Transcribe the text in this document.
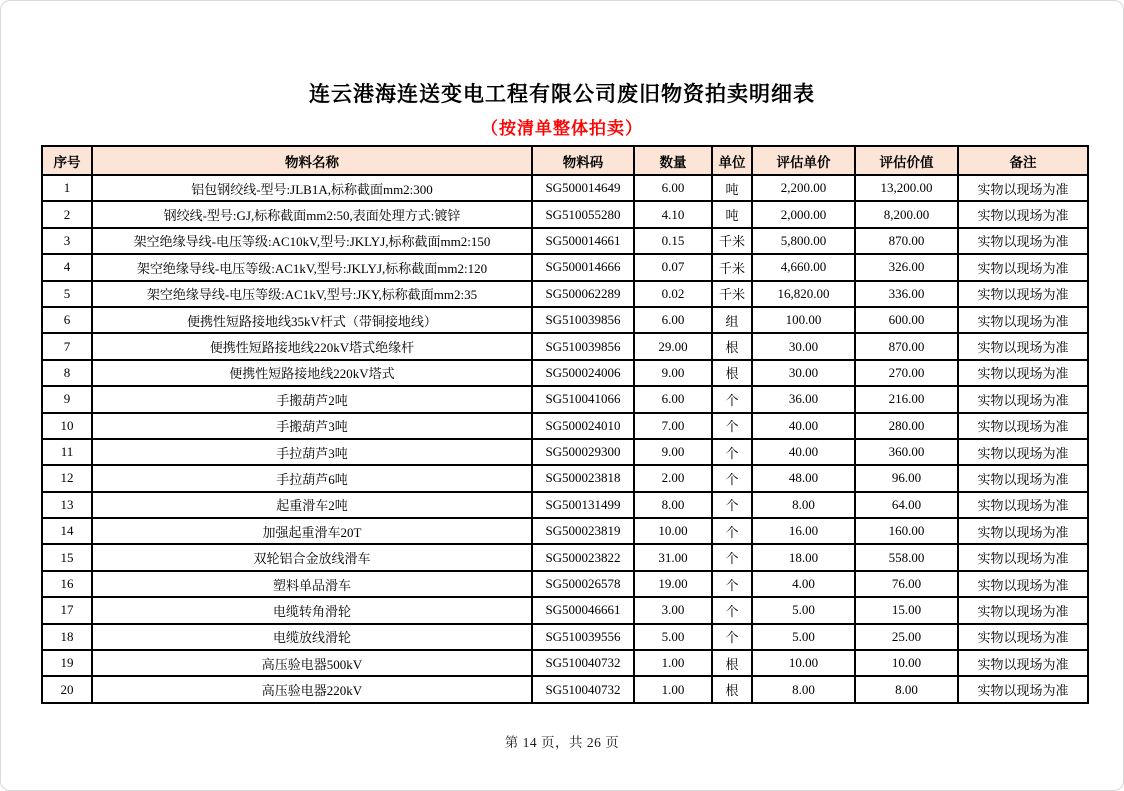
连云港海连送变电工程有限公司废旧物资拍卖明细表
（按清单整体拍卖）
序号	物料名称	物料码	数量	单位	评估单价	评估价值	备注
1	铝包钢绞线-型号:JLB1A,标称截面mm2:300	SG500014649	6.00	吨	2,200.00	13,200.00	实物以现场为准
2	钢绞线-型号:GJ,标称截面mm2:50,表面处理方式:镀锌	SG510055280	4.10	吨	2,000.00	8,200.00	实物以现场为准
3	架空绝缘导线-电压等级:AC10kV,型号:JKLYJ,标称截面mm2:150	SG500014661	0.15	千米	5,800.00	870.00	实物以现场为准
4	架空绝缘导线-电压等级:AC1kV,型号:JKLYJ,标称截面mm2:120	SG500014666	0.07	千米	4,660.00	326.00	实物以现场为准
5	架空绝缘导线-电压等级:AC1kV,型号:JKY,标称截面mm2:35	SG500062289	0.02	千米	16,820.00	336.00	实物以现场为准
6	便携性短路接地线35kV杆式（带铜接地线）	SG510039856	6.00	组	100.00	600.00	实物以现场为准
7	便携性短路接地线220kV塔式绝缘杆	SG510039856	29.00	根	30.00	870.00	实物以现场为准
8	便携性短路接地线220kV塔式	SG500024006	9.00	根	30.00	270.00	实物以现场为准
9	手搬葫芦2吨	SG510041066	6.00	个	36.00	216.00	实物以现场为准
10	手搬葫芦3吨	SG500024010	7.00	个	40.00	280.00	实物以现场为准
11	手拉葫芦3吨	SG500029300	9.00	个	40.00	360.00	实物以现场为准
12	手拉葫芦6吨	SG500023818	2.00	个	48.00	96.00	实物以现场为准
13	起重滑车2吨	SG500131499	8.00	个	8.00	64.00	实物以现场为准
14	加强起重滑车20T	SG500023819	10.00	个	16.00	160.00	实物以现场为准
15	双轮铝合金放线滑车	SG500023822	31.00	个	18.00	558.00	实物以现场为准
16	塑料单品滑车	SG500026578	19.00	个	4.00	76.00	实物以现场为准
17	电缆转角滑轮	SG500046661	3.00	个	5.00	15.00	实物以现场为准
18	电缆放线滑轮	SG510039556	5.00	个	5.00	25.00	实物以现场为准
19	高压验电器500kV	SG510040732	1.00	根	10.00	10.00	实物以现场为准
20	高压验电器220kV	SG510040732	1.00	根	8.00	8.00	实物以现场为准
第 14 页，共 26 页
